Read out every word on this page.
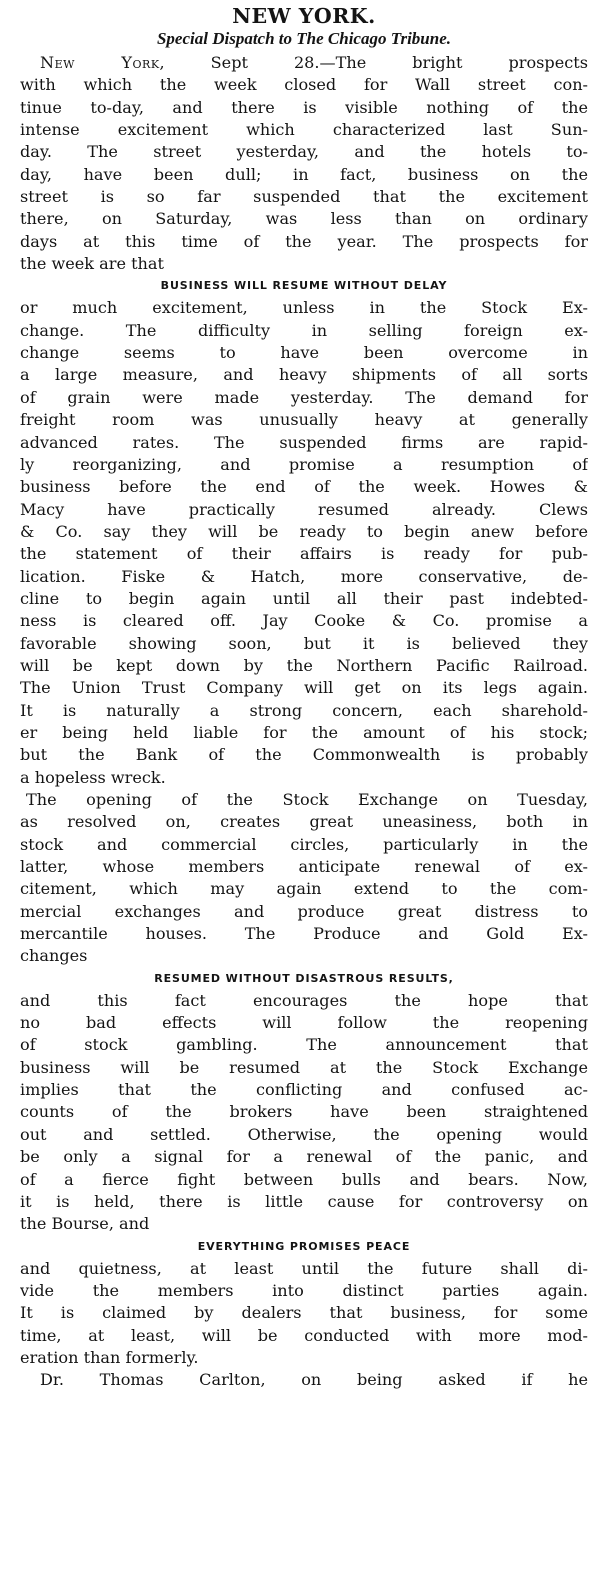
NEW YORK.
Special Dispatch to The Chicago Tribune.
New York, Sept 28.—The bright prospects
with which the week closed for Wall street con-
tinue to-day, and there is visible nothing of the
intense excitement which characterized last Sun-
day. The street yesterday, and the hotels to-
day, have been dull; in fact, business on the
street is so far suspended that the excitement
there, on Saturday, was less than on ordinary
days at this time of the year. The prospects for
the week are that
BUSINESS WILL RESUME WITHOUT DELAY
or much excitement, unless in the Stock Ex-
change. The difficulty in selling foreign ex-
change seems to have been overcome in
a large measure, and heavy shipments of all sorts
of grain were made yesterday. The demand for
freight room was unusually heavy at generally
advanced rates. The suspended firms are rapid-
ly reorganizing, and promise a resumption of
business before the end of the week. Howes &
Macy have practically resumed already. Clews
& Co. say they will be ready to begin anew before
the statement of their affairs is ready for pub-
lication. Fiske & Hatch, more conservative, de-
cline to begin again until all their past indebted-
ness is cleared off. Jay Cooke & Co. promise a
favorable showing soon, but it is believed they
will be kept down by the Northern Pacific Railroad.
The Union Trust Company will get on its legs again.
It is naturally a strong concern, each sharehold-
er being held liable for the amount of his stock;
but the Bank of the Commonwealth is probably
a hopeless wreck.
The opening of the Stock Exchange on Tuesday,
as resolved on, creates great uneasiness, both in
stock and commercial circles, particularly in the
latter, whose members anticipate renewal of ex-
citement, which may again extend to the com-
mercial exchanges and produce great distress to
mercantile houses. The Produce and Gold Ex-
changes
RESUMED WITHOUT DISASTROUS RESULTS,
and this fact encourages the hope that
no bad effects will follow the reopening
of stock gambling. The announcement that
business will be resumed at the Stock Exchange
implies that the conflicting and confused ac-
counts of the brokers have been straightened
out and settled. Otherwise, the opening would
be only a signal for a renewal of the panic, and
of a fierce fight between bulls and bears. Now,
it is held, there is little cause for controversy on
the Bourse, and
EVERYTHING PROMISES PEACE
and quietness, at least until the future shall di-
vide the members into distinct parties again.
It is claimed by dealers that business, for some
time, at least, will be conducted with more mod-
eration than formerly.
Dr. Thomas Carlton, on being asked if he
